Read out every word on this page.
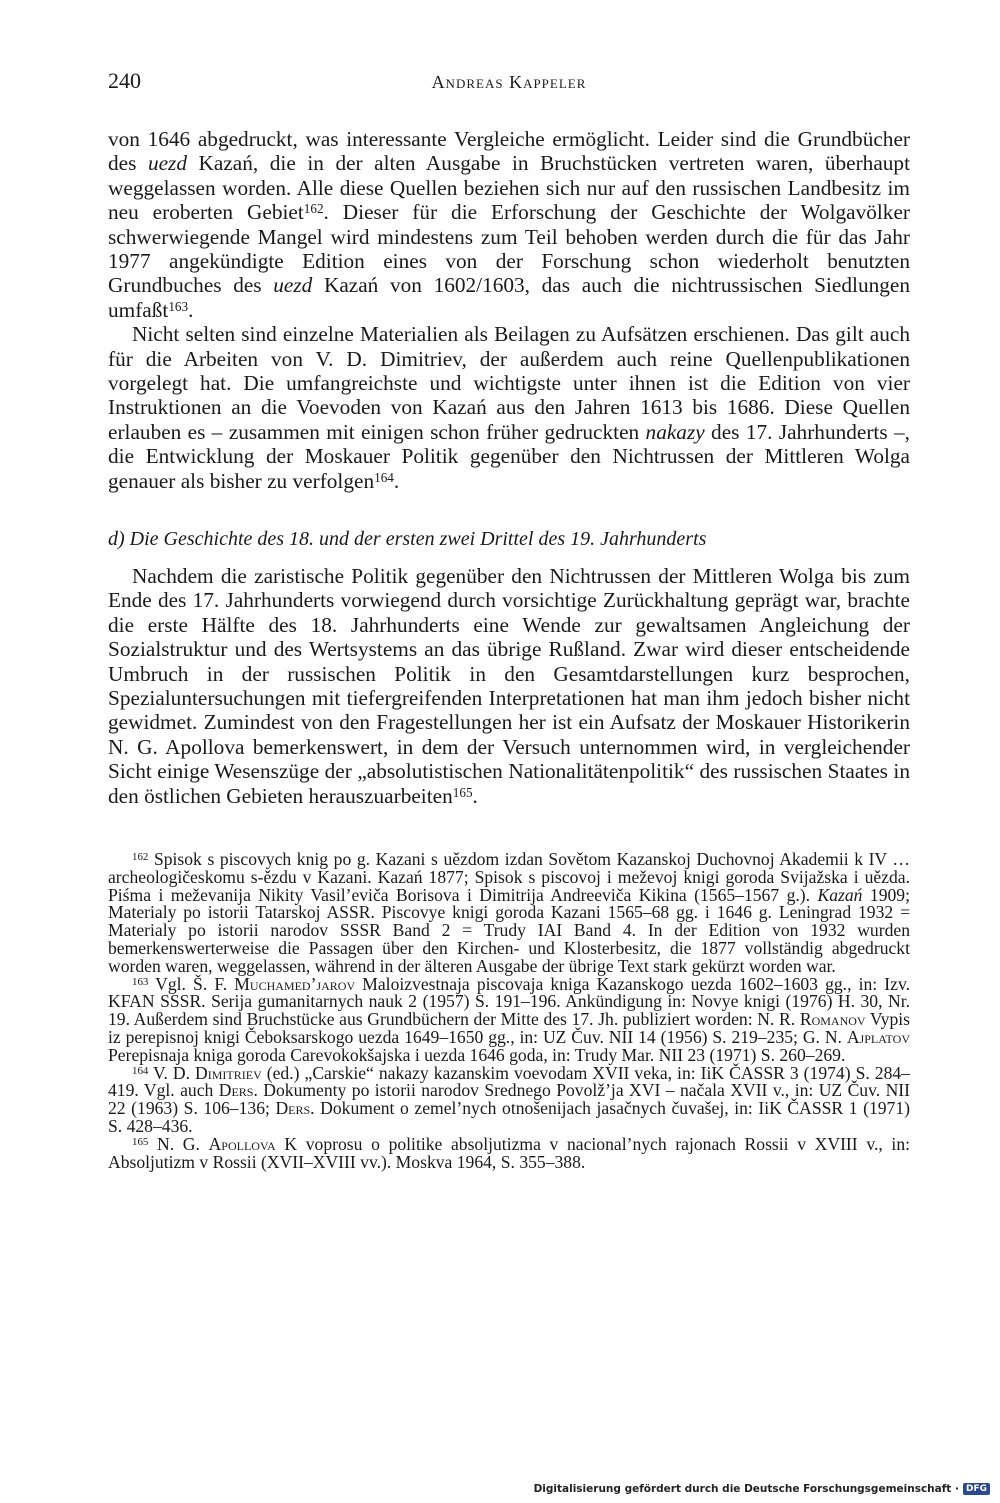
240	Andreas Kappeler

von 1646 abgedruckt, was interessante Vergleiche ermöglicht. Leider sind die Grundbücher des uezd Kazań, die in der alten Ausgabe in Bruchstücken vertreten waren, überhaupt weggelassen worden. Alle diese Quellen beziehen sich nur auf den russischen Landbesitz im neu eroberten Gebiet$^{162}$. Dieser für die Erforschung der Geschichte der Wolgavölker schwerwiegende Mangel wird mindestens zum Teil behoben werden durch die für das Jahr 1977 angekündigte Edition eines von der Forschung schon wiederholt benutzten Grundbuches des uezd Kazań von 1602/1603, das auch die nichtrussischen Siedlungen umfaßt$^{163}$.

Nicht selten sind einzelne Materialien als Beilagen zu Aufsätzen erschienen. Das gilt auch für die Arbeiten von V. D. Dimitriev, der außerdem auch reine Quellenpublikationen vorgelegt hat. Die umfangreichste und wichtigste unter ihnen ist die Edition von vier Instruktionen an die Voevoden von Kazań aus den Jahren 1613 bis 1686. Diese Quellen erlauben es – zusammen mit einigen schon früher gedruckten nakazy des 17. Jahrhunderts –, die Entwicklung der Moskauer Politik gegenüber den Nichtrussen der Mittleren Wolga genauer als bisher zu verfolgen$^{164}$.

d) Die Geschichte des 18. und der ersten zwei Drittel des 19. Jahrhunderts

Nachdem die zaristische Politik gegenüber den Nichtrussen der Mittleren Wolga bis zum Ende des 17. Jahrhunderts vorwiegend durch vorsichtige Zurückhaltung geprägt war, brachte die erste Hälfte des 18. Jahrhunderts eine Wende zur gewaltsamen Angleichung der Sozialstruktur und des Wertsystems an das übrige Rußland. Zwar wird dieser entscheidende Umbruch in der russischen Politik in den Gesamtdarstellungen kurz besprochen, Spezialuntersuchungen mit tiefergreifenden Interpretationen hat man ihm jedoch bisher nicht gewidmet. Zumindest von den Fragestellungen her ist ein Aufsatz der Moskauer Historikerin N. G. Apollova bemerkenswert, in dem der Versuch unternommen wird, in vergleichender Sicht einige Wesenszüge der „absolutistischen Nationalitätenpolitik“ des russischen Staates in den östlichen Gebieten herauszuarbeiten$^{165}$.

$^{162}$ Spisok s piscovych knig po g. Kazani s uězdom izdan Sovětom Kazanskoj Duchovnoj Akademii k IV … archeologičeskomu s-ězdu v Kazani. Kazań 1877; Spisok s piscovoj i meževoj knigi goroda Svijažska i uězda. Piśma i meževanija Nikity Vasil’eviča Borisova i Dimitrija Andreeviča Kikina (1565–1567 g.). Kazań 1909; Materialy po istorii Tatarskoj ASSR. Piscovye knigi goroda Kazani 1565–68 gg. i 1646 g. Leningrad 1932 = Materialy po istorii narodov SSSR Band 2 = Trudy IAI Band 4. In der Edition von 1932 wurden bemerkenswerterweise die Passagen über den Kirchen- und Klosterbesitz, die 1877 vollständig abgedruckt worden waren, weggelassen, während in der älteren Ausgabe der übrige Text stark gekürzt worden war.

$^{163}$ Vgl. Š. F. Muchamed’jarov Maloizvestnaja piscovaja kniga Kazanskogo uezda 1602–1603 gg., in: Izv. KFAN SSSR. Serija gumanitarnych nauk 2 (1957) S. 191–196. Ankündigung in: Novye knigi (1976) H. 30, Nr. 19. Außerdem sind Bruchstücke aus Grundbüchern der Mitte des 17. Jh. publiziert worden: N. R. Romanov Vypis iz perepisnoj knigi Čeboksarskogo uezda 1649–1650 gg., in: UZ Čuv. NII 14 (1956) S. 219–235; G. N. Ajplatov Perepisnaja kniga goroda Carevokokšajska i uezda 1646 goda, in: Trudy Mar. NII 23 (1971) S. 260–269.

$^{164}$ V. D. Dimitriev (ed.) „Carskie“ nakazy kazanskim voevodam XVII veka, in: IiK ČASSR 3 (1974) S. 284–419. Vgl. auch Ders. Dokumenty po istorii narodov Srednego Povolž’ja XVI – načala XVII v., in: UZ Čuv. NII 22 (1963) S. 106–136; Ders. Dokument o zemel’nych otnošenijach jasačnych čuvašej, in: IiK ČASSR 1 (1971) S. 428–436.

$^{165}$ N. G. Apollova K voprosu o politike absoljutizma v nacional’nych rajonach Rossii v XVIII v., in: Absoljutizm v Rossii (XVII–XVIII vv.). Moskva 1964, S. 355–388.

Digitalisierung gefördert durch die Deutsche Forschungsgemeinschaft · DFG
